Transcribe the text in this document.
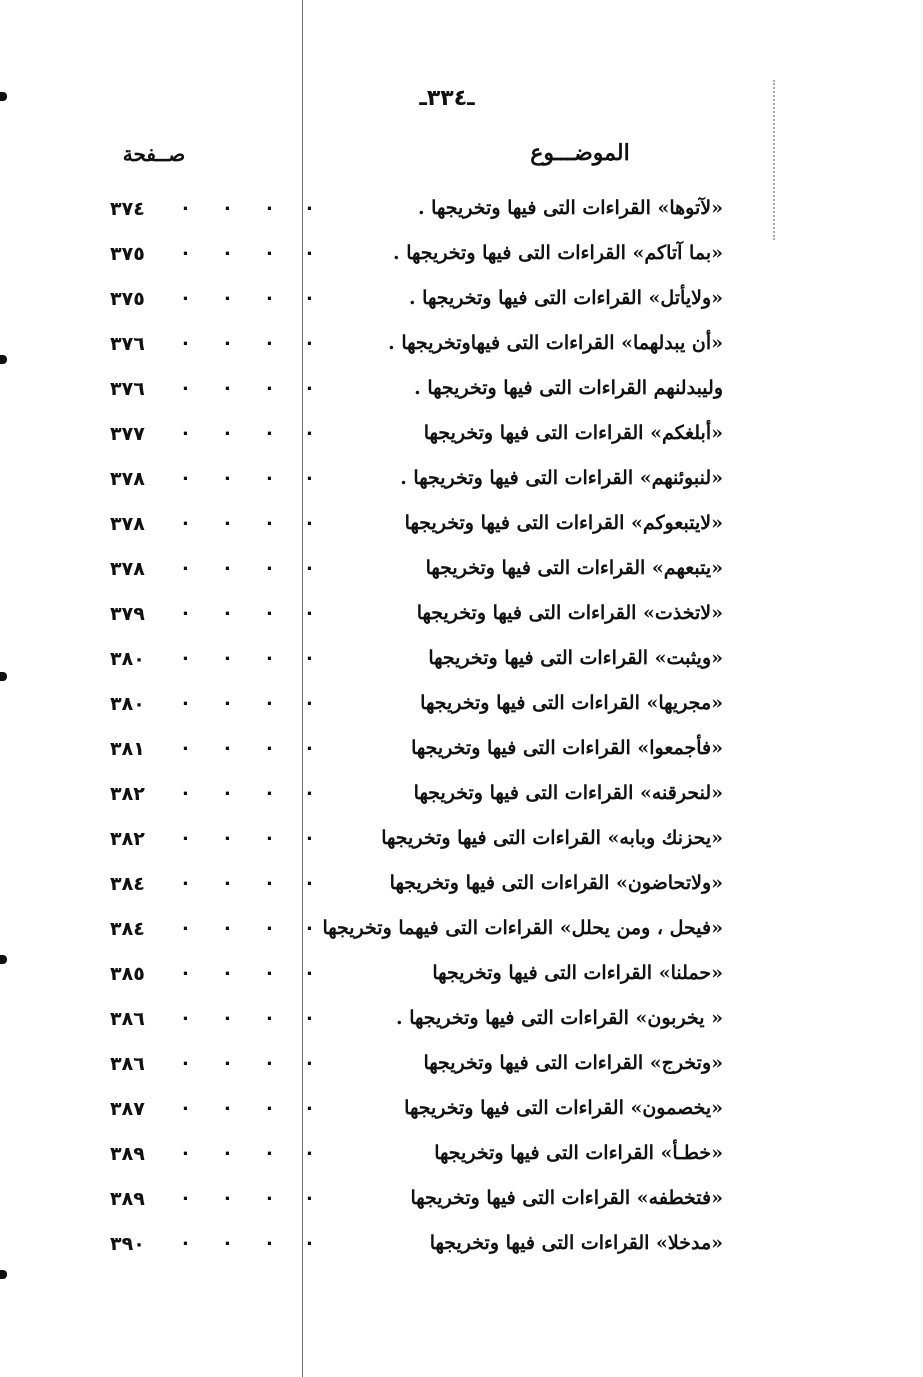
ـ٣٣٤ـ
الموضـــوع
صــفحة
«لآتوها» القراءات التى فيها وتخريجها .
. . . .
٣٧٤
«بما آتاكم» القراءات التى فيها وتخريجها .
. . . .
٣٧٥
«ولايأتل» القراءات التى فيها وتخريجها .
. . . .
٣٧٥
«أن يبدلهما» القراءات التى فيهاوتخريجها .
. . . .
٣٧٦
وليبدلنهم القراءات التى فيها وتخريجها .
. . . .
٣٧٦
«أبلغكم» القراءات التى فيها وتخريجها
. . . .
٣٧٧
«لنبوئنهم» القراءات التى فيها وتخريجها .
. . . .
٣٧٨
«لايتبعوكم» القراءات التى فيها وتخريجها
. . . .
٣٧٨
«يتبعهم» القراءات التى فيها وتخريجها
. . . .
٣٧٨
«لاتخذت» القراءات التى فيها وتخريجها
. . . .
٣٧٩
«ويثبت» القراءات التى فيها وتخريجها
. . . .
٣٨٠
«مجريها» القراءات التى فيها وتخريجها
. . . .
٣٨٠
«فأجمعوا» القراءات التى فيها وتخريجها
. . . .
٣٨١
«لنحرقنه» القراءات التى فيها وتخريجها
. . . .
٣٨٢
«يحزنك وبابه» القراءات التى فيها وتخريجها
. . . .
٣٨٢
«ولاتحاضون» القراءات التى فيها وتخريجها
. . . .
٣٨٤
«فيحل ، ومن يحلل» القراءات التى فيهما وتخريجها
. . . .
٣٨٤
«حملنا» القراءات التى فيها وتخريجها
. . . .
٣٨٥
« يخربون» القراءات التى فيها وتخريجها .
. . . .
٣٨٦
«وتخرج» القراءات التى فيها وتخريجها
. . . .
٣٨٦
«يخصمون» القراءات التى فيها وتخريجها
. . . .
٣٨٧
«خطـأ» القراءات التى فيها وتخريجها
. . . .
٣٨٩
«فتخطفه» القراءات التى فيها وتخريجها
. . . .
٣٨٩
«مدخلا» القراءات التى فيها وتخريجها
. . . .
٣٩٠
